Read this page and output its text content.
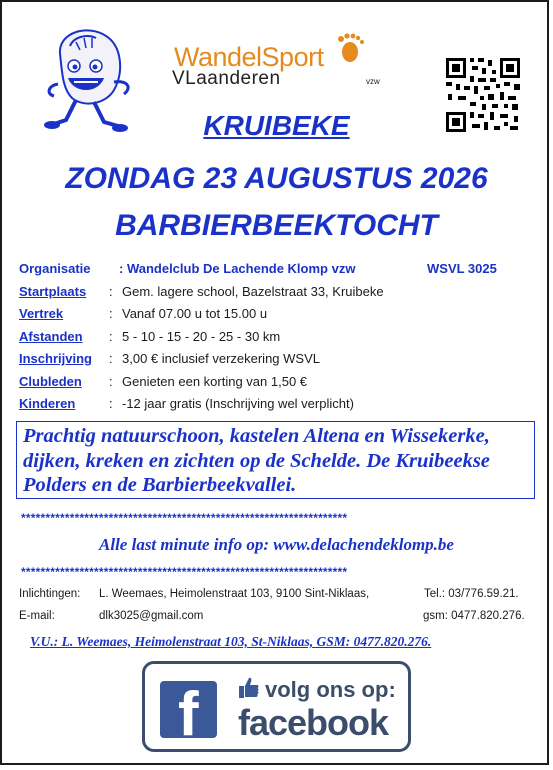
WandelSport
VLaanderen	vzw
KRUIBEKE
ZONDAG 23 AUGUSTUS 2026
BARBIERBEEKTOCHT
Organisatie : Wandelclub De Lachende Klomp vzw	WSVL 3025
Startplaats : Gem. lagere school, Bazelstraat 33, Kruibeke
Vertrek	: Vanaf 07.00 u tot 15.00 u
Afstanden : 5 - 10 - 15 - 20 - 25 - 30 km
Inschrijving : 3,00 € inclusief verzekering WSVL
Clubleden : Genieten een korting van 1,50 €
Kinderen	: -12 jaar gratis (Inschrijving wel verplicht)
Prachtig natuurschoon, kastelen Altena en Wissekerke, dijken, kreken en zichten op de Schelde. De Kruibeekse Polders en de Barbierbeekvallei.
*******************************************************************
Alle last minute info op: www.delachendeklomp.be
*******************************************************************
Inlichtingen: L. Weemaes, Heimolenstraat 103, 9100 Sint-Niklaas,	Tel.: 03/776.59.21.
E-mail:	dlk3025@gmail.com	gsm: 0477.820.276.
V.U.: L. Weemaes, Heimolenstraat 103, St-Niklaas, GSM: 0477.820.276.
f	volg ons op:
facebook
